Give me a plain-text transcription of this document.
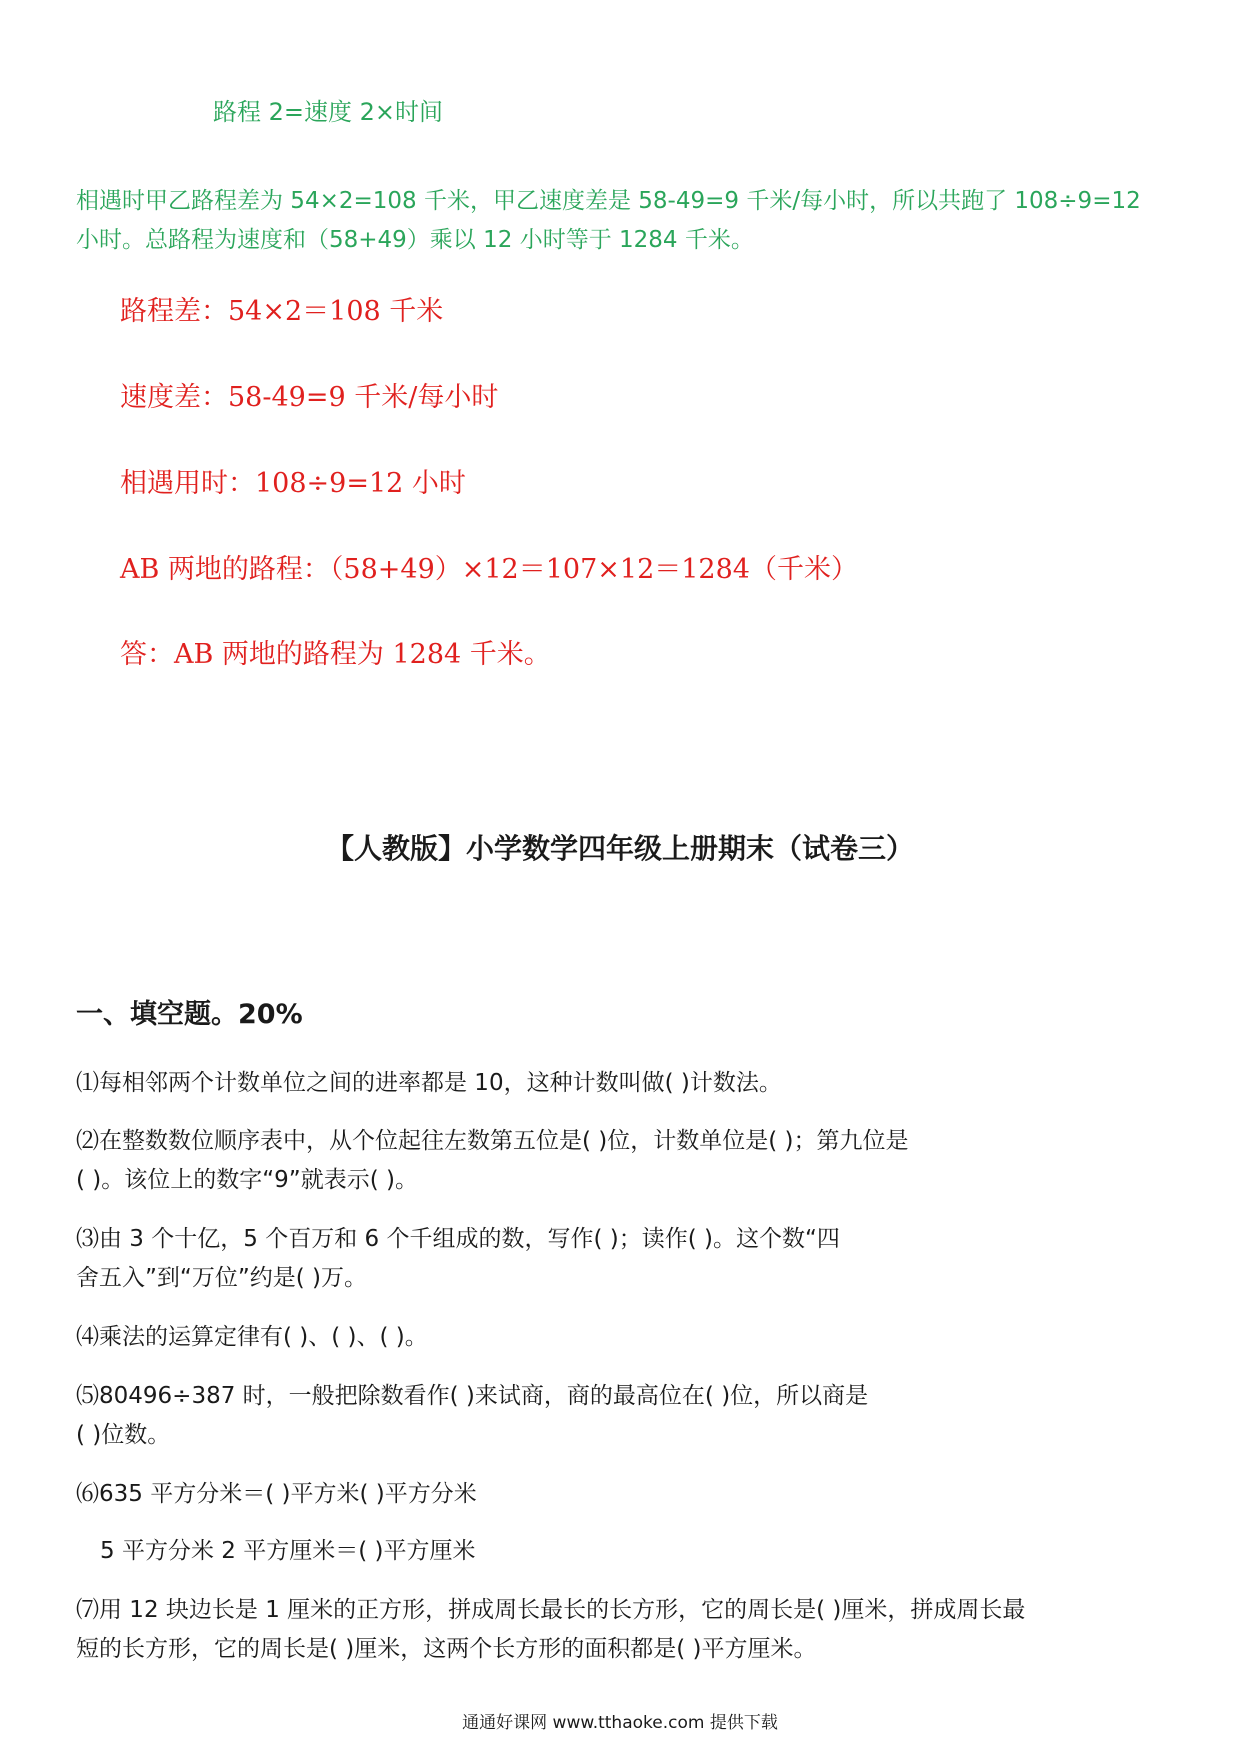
路程 2=速度 2×时间
相遇时甲乙路程差为 54×2=108 千米，甲乙速度差是 58-49=9 千米/每小时，所以共跑了 108÷9=12
小时。总路程为速度和（58+49）乘以 12 小时等于 1284 千米。
路程差：54×2＝108 千米
速度差：58-49=9 千米/每小时
相遇用时：108÷9=12 小时
AB 两地的路程：（58+49）×12＝107×12＝1284（千米）
答：AB 两地的路程为 1284 千米。
【人教版】小学数学四年级上册期末（试卷三）
一、填空题。20%
⑴每相邻两个计数单位之间的进率都是 10，这种计数叫做( )计数法。
⑵在整数数位顺序表中，从个位起往左数第五位是( )位，计数单位是( )；第九位是
( )。该位上的数字“9”就表示( )。
⑶由 3 个十亿，5 个百万和 6 个千组成的数，写作( )；读作( )。这个数“四
舍五入”到“万位”约是( )万。
⑷乘法的运算定律有( )、( )、( )。
⑸80496÷387 时，一般把除数看作( )来试商，商的最高位在( )位，所以商是
( )位数。
⑹635 平方分米＝( )平方米( )平方分米
5 平方分米 2 平方厘米＝( )平方厘米
⑺用 12 块边长是 1 厘米的正方形，拼成周长最长的长方形，它的周长是( )厘米，拼成周长最
短的长方形，它的周长是( )厘米，这两个长方形的面积都是( )平方厘米。
通通好课网 www.tthaoke.com 提供下载
